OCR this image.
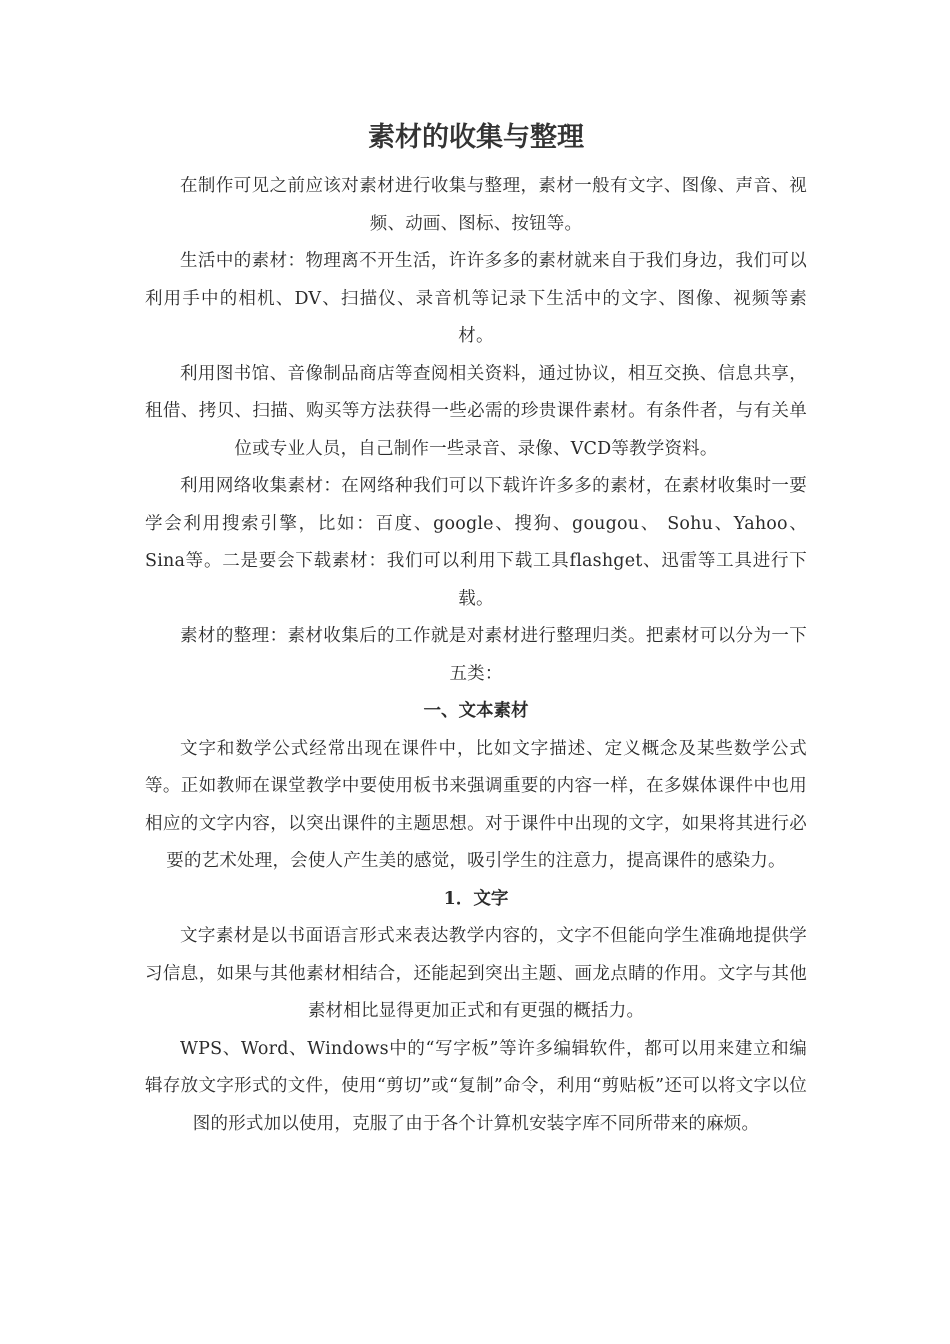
素材的收集与整理

在制作可见之前应该对素材进行收集与整理，素材一般有文字、图像、声音、视频、动画、图标、按钮等。

生活中的素材：物理离不开生活，许许多多的素材就来自于我们身边，我们可以利用手中的相机、DV、扫描仪、录音机等记录下生活中的文字、图像、视频等素材。

利用图书馆、音像制品商店等查阅相关资料，通过协议，相互交换、信息共享，租借、拷贝、扫描、购买等方法获得一些必需的珍贵课件素材。有条件者，与有关单位或专业人员，自己制作一些录音、录像、VCD等教学资料。

利用网络收集素材：在网络种我们可以下载许许多多的素材，在素材收集时一要学会利用搜索引擎，比如：百度、google、搜狗、gougou、 Sohu、Yahoo、Sina等。二是要会下载素材：我们可以利用下载工具flashget、迅雷等工具进行下载。

素材的整理：素材收集后的工作就是对素材进行整理归类。把素材可以分为一下五类：

一、文本素材

文字和数学公式经常出现在课件中，比如文字描述、定义概念及某些数学公式等。正如教师在课堂教学中要使用板书来强调重要的内容一样，在多媒体课件中也用相应的文字内容，以突出课件的主题思想。对于课件中出现的文字，如果将其进行必要的艺术处理，会使人产生美的感觉，吸引学生的注意力，提高课件的感染力。

1．文字

文字素材是以书面语言形式来表达教学内容的，文字不但能向学生准确地提供学习信息，如果与其他素材相结合，还能起到突出主题、画龙点睛的作用。文字与其他素材相比显得更加正式和有更强的概括力。

WPS、Word、Windows中的“写字板”等许多编辑软件，都可以用来建立和编辑存放文字形式的文件，使用“剪切”或“复制”命令，利用“剪贴板”还可以将文字以位图的形式加以使用，克服了由于各个计算机安装字库不同所带来的麻烦。
